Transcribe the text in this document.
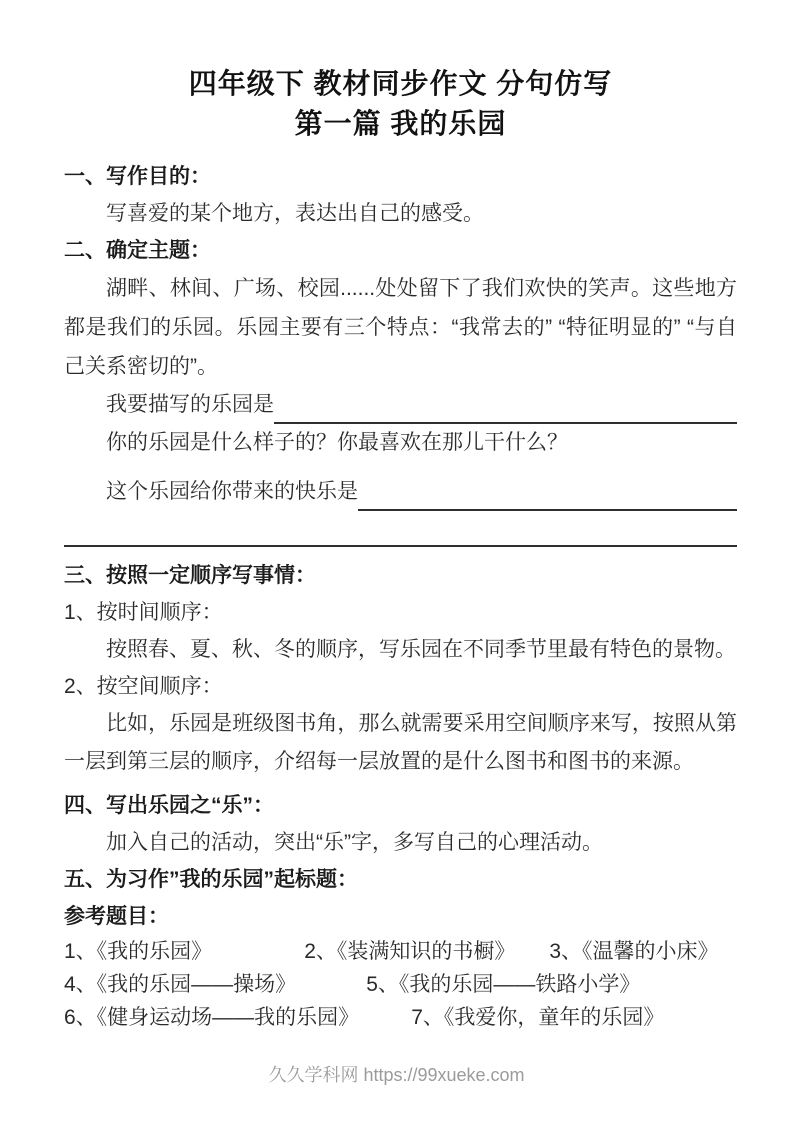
四年级下 教材同步作文 分句仿写
第一篇 我的乐园
一、写作目的：
写喜爱的某个地方，表达出自己的感受。
二、确定主题：
湖畔、林间、广场、校园......处处留下了我们欢快的笑声。这些地方都是我们的乐园。乐园主要有三个特点：“我常去的” “特征明显的” “与自己关系密切的”。
我要描写的乐园是
你的乐园是什么样子的？你最喜欢在那儿干什么？
这个乐园给你带来的快乐是
三、按照一定顺序写事情：
1、按时间顺序：
按照春、夏、秋、冬的顺序，写乐园在不同季节里最有特色的景物。
2、按空间顺序：
比如，乐园是班级图书角，那么就需要采用空间顺序来写，按照从第一层到第三层的顺序，介绍每一层放置的是什么图书和图书的来源。
四、写出乐园之“乐”：
加入自己的活动，突出“乐”字，多写自己的心理活动。
五、为习作”我的乐园”起标题：
参考题目：
1、《我的乐园》	2、《装满知识的书橱》 3、《温馨的小床》
4、《我的乐园——操场》	5、《我的乐园——铁路小学》
6、《健身运动场——我的乐园》 7、《我爱你，童年的乐园》
久久学科网 https://99xueke.com
